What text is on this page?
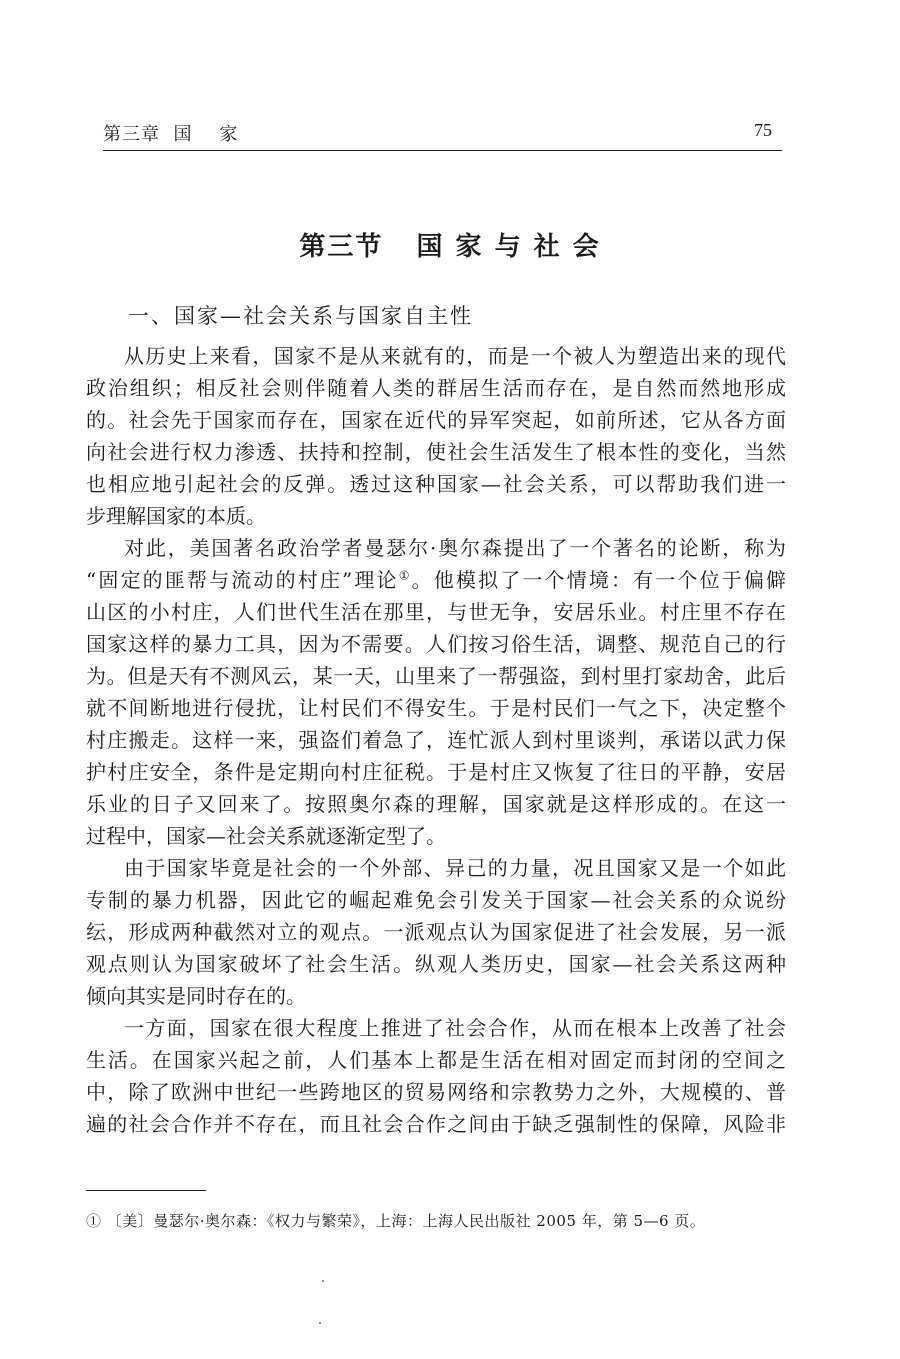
第三章  国    家	75
第三节   国 家 与 社 会
一、国家—社会关系与国家自主性
从历史上来看，国家不是从来就有的，而是一个被人为塑造出来的现代
政治组织；相反社会则伴随着人类的群居生活而存在，是自然而然地形成
的。社会先于国家而存在，国家在近代的异军突起，如前所述，它从各方面
向社会进行权力渗透、扶持和控制，使社会生活发生了根本性的变化，当然
也相应地引起社会的反弹。透过这种国家—社会关系，可以帮助我们进一
步理解国家的本质。
对此，美国著名政治学者曼瑟尔·奥尔森提出了一个著名的论断，称为
“固定的匪帮与流动的村庄”理论①。他模拟了一个情境：有一个位于偏僻
山区的小村庄，人们世代生活在那里，与世无争，安居乐业。村庄里不存在
国家这样的暴力工具，因为不需要。人们按习俗生活，调整、规范自己的行
为。但是天有不测风云，某一天，山里来了一帮强盗，到村里打家劫舍，此后
就不间断地进行侵扰，让村民们不得安生。于是村民们一气之下，决定整个
村庄搬走。这样一来，强盗们着急了，连忙派人到村里谈判，承诺以武力保
护村庄安全，条件是定期向村庄征税。于是村庄又恢复了往日的平静，安居
乐业的日子又回来了。按照奥尔森的理解，国家就是这样形成的。在这一
过程中，国家—社会关系就逐渐定型了。
由于国家毕竟是社会的一个外部、异己的力量，况且国家又是一个如此
专制的暴力机器，因此它的崛起难免会引发关于国家—社会关系的众说纷
纭，形成两种截然对立的观点。一派观点认为国家促进了社会发展，另一派
观点则认为国家破坏了社会生活。纵观人类历史，国家—社会关系这两种
倾向其实是同时存在的。
一方面，国家在很大程度上推进了社会合作，从而在根本上改善了社会
生活。在国家兴起之前，人们基本上都是生活在相对固定而封闭的空间之
中，除了欧洲中世纪一些跨地区的贸易网络和宗教势力之外，大规模的、普
遍的社会合作并不存在，而且社会合作之间由于缺乏强制性的保障，风险非
① 〔美〕曼瑟尔·奥尔森：《权力与繁荣》，上海：上海人民出版社 2005 年，第 5—6 页。
